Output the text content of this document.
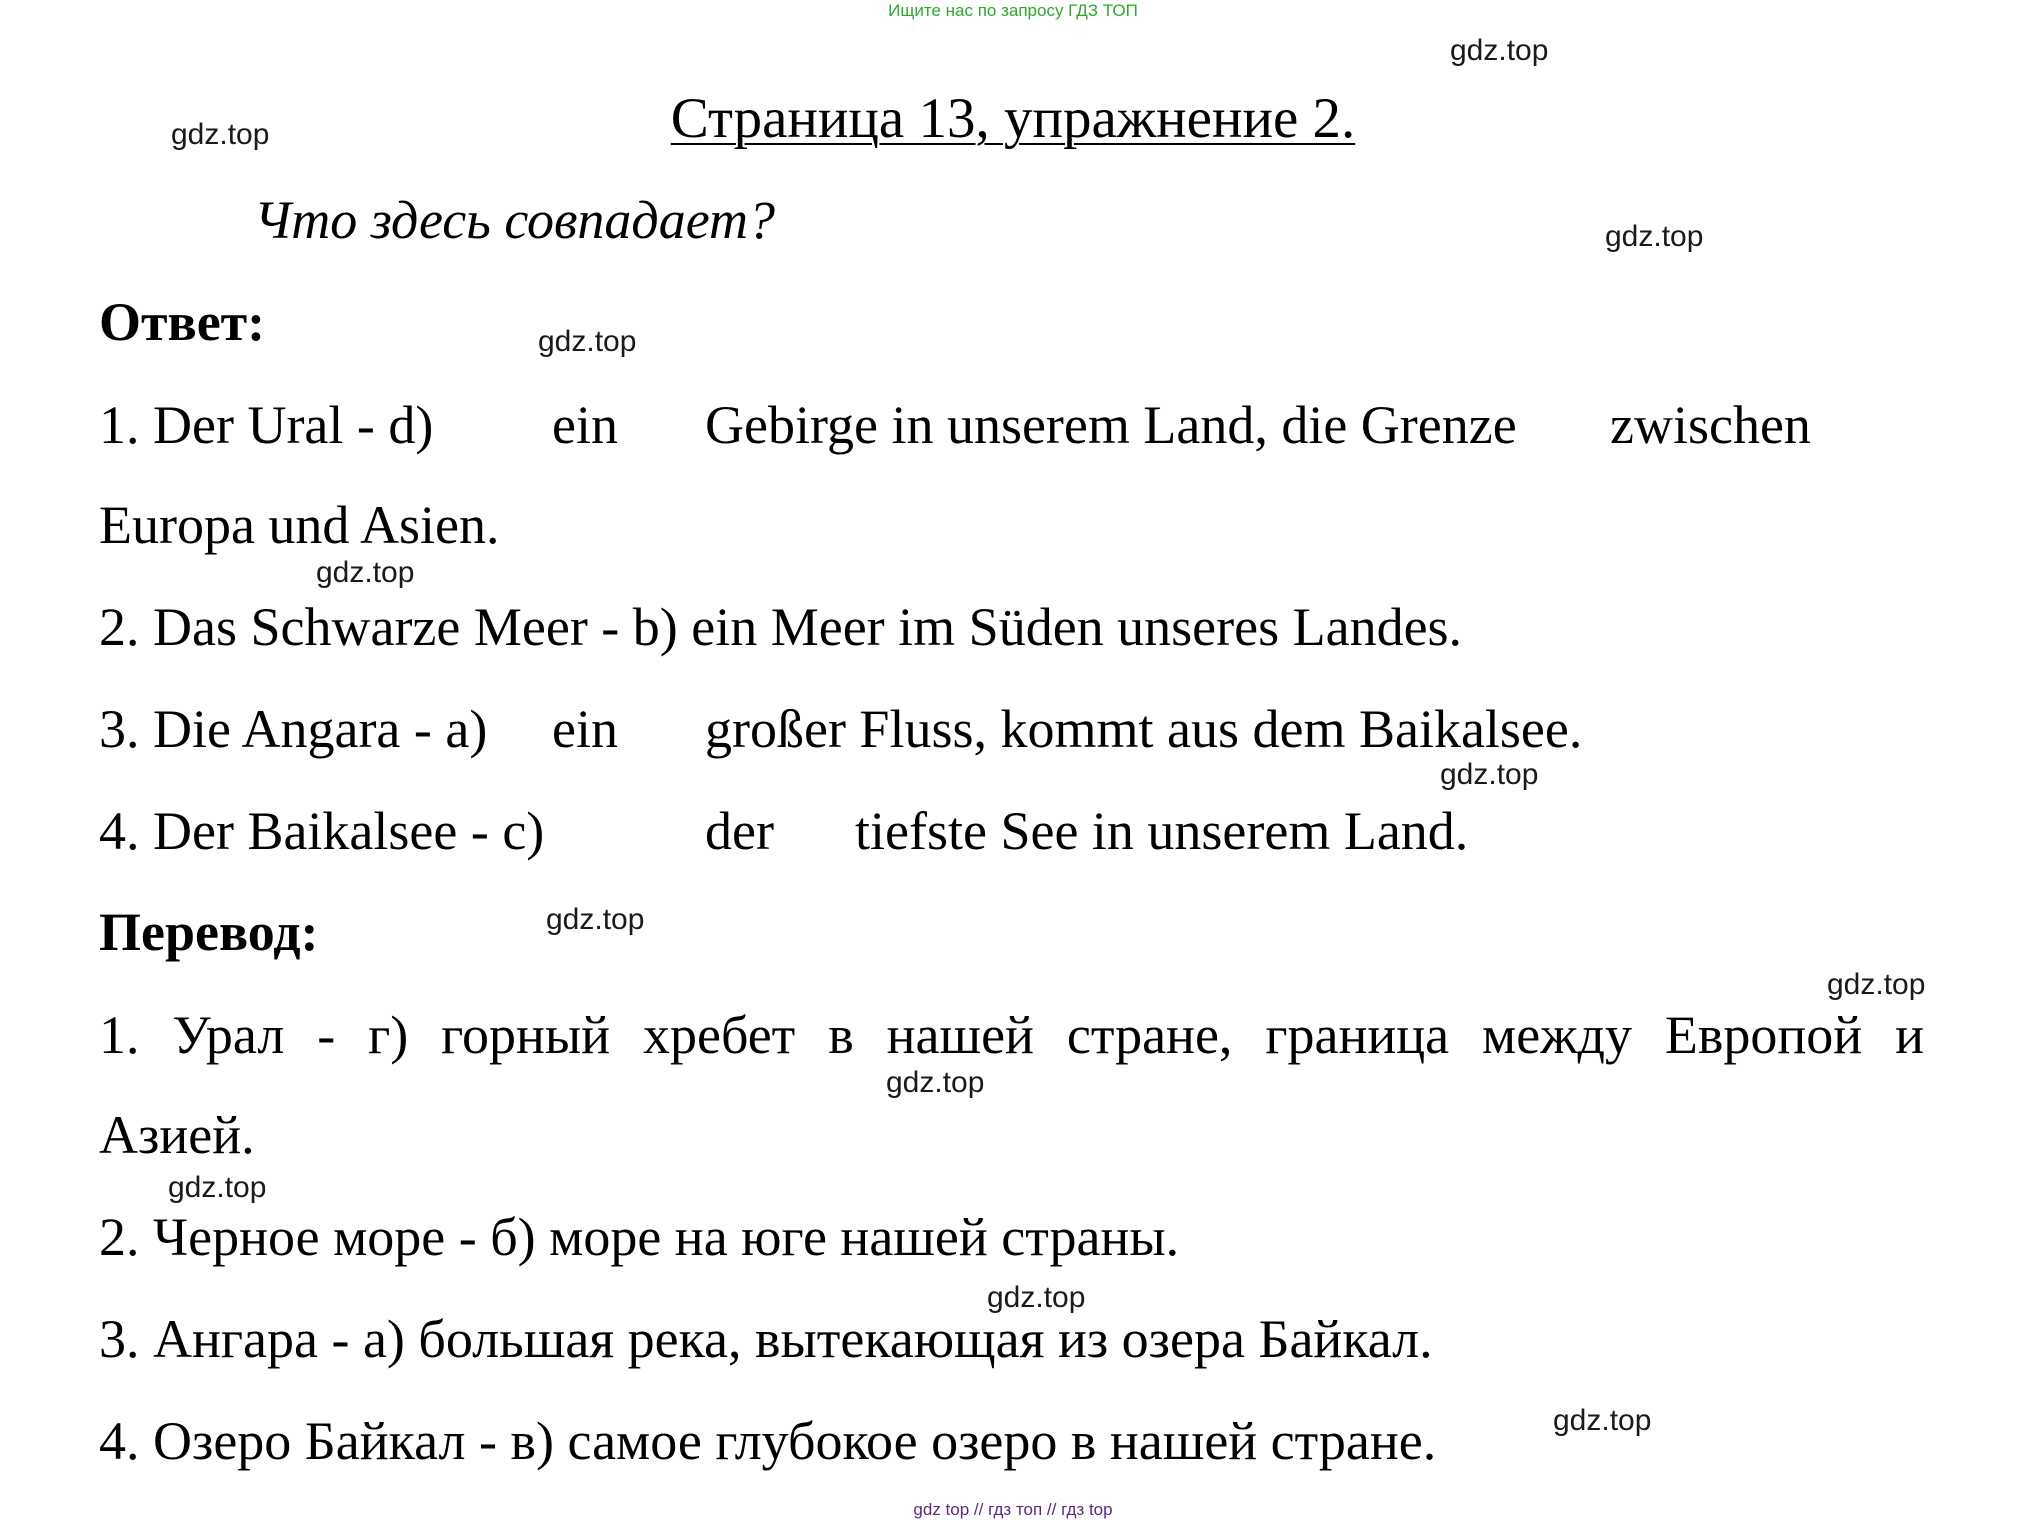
Ищите нас по запросу ГДЗ ТОП
Страница 13, упражнение 2.
Что здесь совпадает?
Ответ:
1. Der Ural - d) ein Gebirge in unserem Land, die Grenze zwischen
Europa und Asien.
2. Das Schwarze Meer - b) ein Meer im Süden unseres Landes.
3. Die Angara - a) ein großer Fluss, kommt aus dem Baikalsee.
4. Der Baikalsee - c)	der tiefste See in unserem Land.
Перевод:
1. Урал - г) горный хребет в нашей стране, граница между Европой и
Азией.
2. Черное море - б) море на юге нашей страны.
3. Ангара - а) большая река, вытекающая из озера Байкал.
4. Озеро Байкал - в) самое глубокое озеро в нашей стране.
gdz.top
gdz.top
gdz.top
gdz.top
gdz.top
gdz.top
gdz.top
gdz.top
gdz.top
gdz.top
gdz.top
gdz.top
gdz top // гдз топ // гдз top
